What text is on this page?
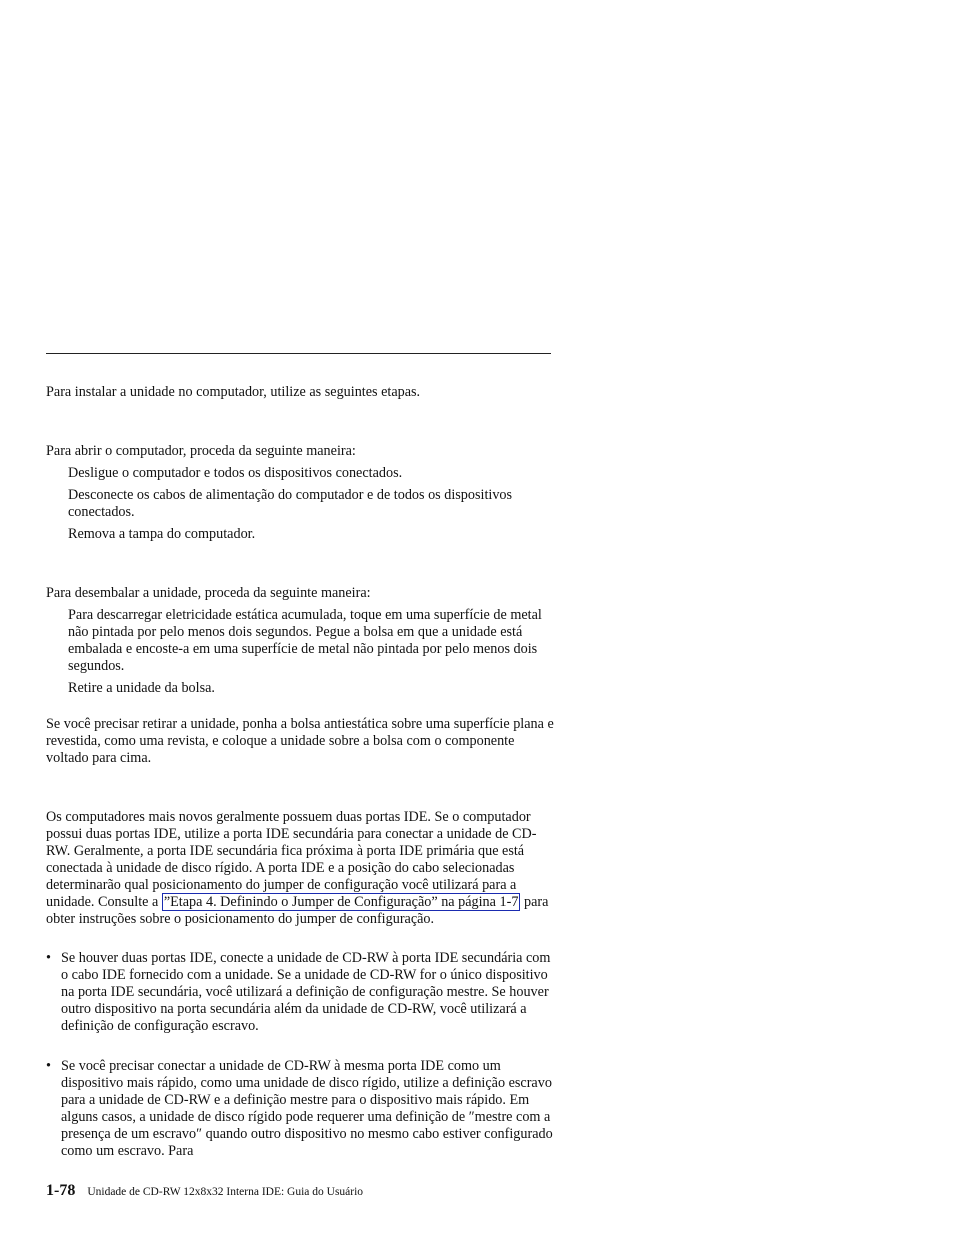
Para instalar a unidade no computador, utilize as seguintes etapas.

Para abrir o computador, proceda da seguinte maneira:

Desligue o computador e todos os dispositivos conectados.

Desconecte os cabos de alimentação do computador e de todos os dispositivos conectados.

Remova a tampa do computador.

Para desembalar a unidade, proceda da seguinte maneira:

Para descarregar eletricidade estática acumulada, toque em uma superfície de metal não pintada por pelo menos dois segundos. Pegue a bolsa em que a unidade está embalada e encoste-a em uma superfície de metal não pintada por pelo menos dois segundos.

Retire a unidade da bolsa.

Se você precisar retirar a unidade, ponha a bolsa antiestática sobre uma superfície plana e revestida, como uma revista, e coloque a unidade sobre a bolsa com o componente voltado para cima.

Os computadores mais novos geralmente possuem duas portas IDE. Se o computador possui duas portas IDE, utilize a porta IDE secundária para conectar a unidade de CD-RW. Geralmente, a porta IDE secundária fica próxima à porta IDE primária que está conectada à unidade de disco rígido. A porta IDE e a posição do cabo selecionadas determinarão qual posicionamento do jumper de configuração você utilizará para a unidade. Consulte a ”Etapa 4. Definindo o Jumper de Configuração” na página 1-7 para obter instruções sobre o posicionamento do jumper de configuração.

• Se houver duas portas IDE, conecte a unidade de CD-RW à porta IDE secundária com o cabo IDE fornecido com a unidade. Se a unidade de CD-RW for o único dispositivo na porta IDE secundária, você utilizará a definição de configuração mestre. Se houver outro dispositivo na porta secundária além da unidade de CD-RW, você utilizará a definição de configuração escravo.
• Se você precisar conectar a unidade de CD-RW à mesma porta IDE como um dispositivo mais rápido, como uma unidade de disco rígido, utilize a definição escravo para a unidade de CD-RW e a definição mestre para o dispositivo mais rápido. Em alguns casos, a unidade de disco rígido pode requerer uma definição de ″mestre com a presença de um escravo″ quando outro dispositivo no mesmo cabo estiver configurado como um escravo. Para
1-78 Unidade de CD-RW 12x8x32 Interna IDE: Guia do Usuário
